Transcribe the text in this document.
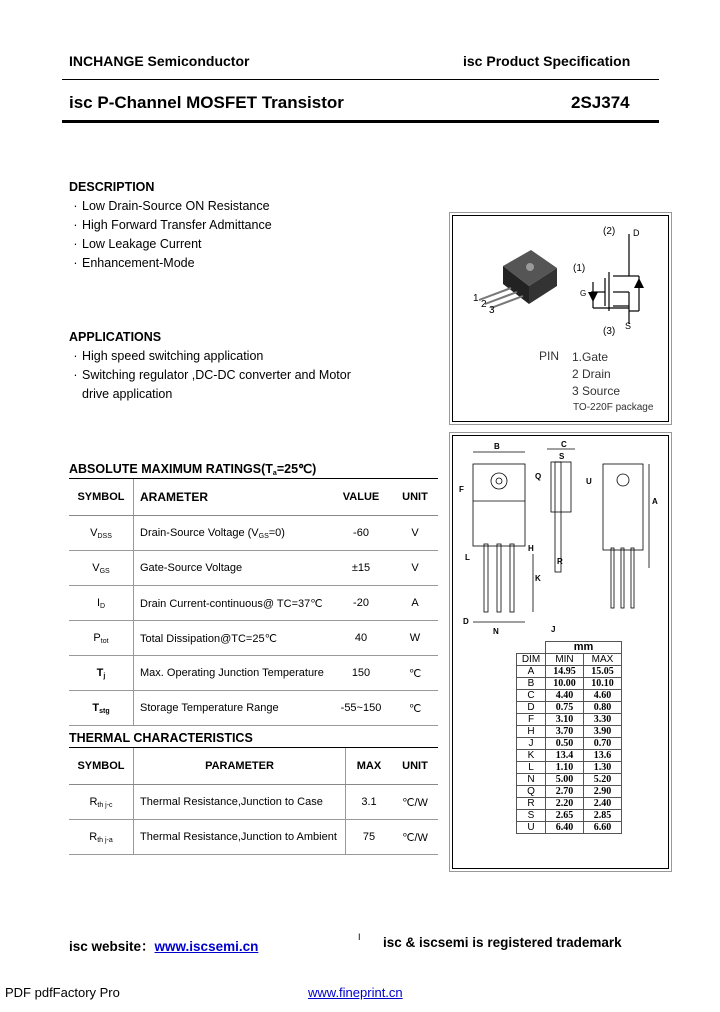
INCHANGE Semiconductor	isc Product Specification
isc P-Channel MOSFET Transistor	2SJ374
DESCRIPTION
· Low Drain-Source ON Resistance
· High Forward Transfer Admittance
· Low Leakage Current
· Enhancement-Mode
APPLICATIONS
· High speed switching application
· Switching regulator ,DC-DC converter and Motor
drive application
1
2
3
(2) D
(1)
G
(3) S
PIN 1.Gate
2 Drain
3 Source
TO-220F package
ABSOLUTE MAXIMUM $RATINGS(T_a=25℃)$
SYMBOL	ARAMETER	VALUE	UNIT
$V_{DSS}$	Drain-Source Voltage $(V_{GS}=0)$	-60	V
$V_{GS}$	Gate-Source Voltage	±15	V
$I_D$	Drain Current-continuous@ TC=37℃	-20	A
$P_{tot}$	Total Dissipation@TC=25℃	40	W
$T_j$	Max. Operating Junction Temperature	150	℃
$T_{stg}$	Storage Temperature Range	-55~150	℃
THERMAL CHARACTERISTICS
SYMBOL	PARAMETER	MAX	UNIT
$R_{th j-c}$	Thermal Resistance,Junction to Case	3.1	℃/W
$R_{th j-a}$	Thermal Resistance,Junction to Ambient	75	℃/W
B	C
S
Q
U
F
A
L	R
H
K
D
N	J
	mm	
DIM	MIN	MAX
A	14.95	15.05
B	10.00	10.10
C	4.40	4.60
D	0.75	0.80
F	3.10	3.30
H	3.70	3.90
J	0.50	0.70
K	13.4	13.6
L	1.10	1.30
N	5.00	5.20
Q	2.70	2.90
R	2.20	2.40
S	2.65	2.85
U	6.40	6.60
isc website：www.iscsemi.cn
I isc & iscsemi is registered trademark
PDF pdfFactory Pro	www.fineprint.cn
